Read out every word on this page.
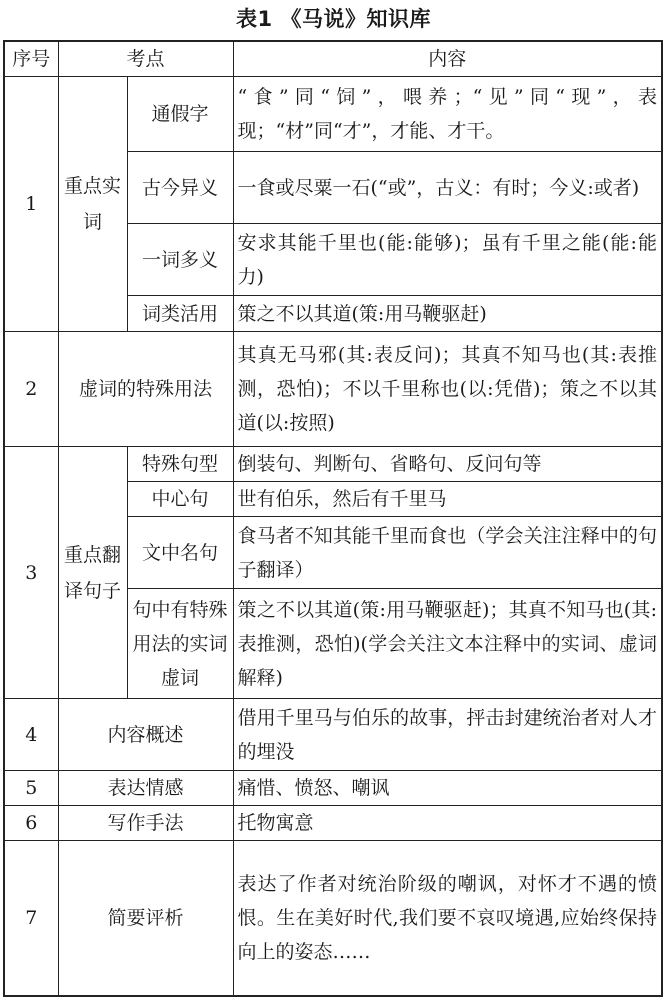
表1 《马说》知识库
序号	考点		内容
1	重点实词	通假字	“食”同“饲”，喂养；“见”同“现”，表现；“材”同“才”，才能、才干。
		古今异义	一食或尽粟一石(“或”，古义：有时；今义:或者)
		一词多义	安求其能千里也(能:能够)；虽有千里之能(能:能力)
		词类活用	策之不以其道(策:用马鞭驱赶)
2	虚词的特殊用法		其真无马邪(其:表反问)；其真不知马也(其:表推测，恐怕)；不以千里称也(以:凭借)；策之不以其道(以:按照)
3	重点翻译句子	特殊句型	倒装句、判断句、省略句、反问句等
		中心句	世有伯乐，然后有千里马
		文中名句	食马者不知其能千里而食也（学会关注注释中的句子翻译）
		句中有特殊用法的实词虚词	策之不以其道(策:用马鞭驱赶)；其真不知马也(其:表推测，恐怕)(学会关注文本注释中的实词、虚词解释)
4	内容概述		借用千里马与伯乐的故事，抨击封建统治者对人才的埋没
5	表达情感		痛惜、愤怒、嘲讽
6	写作手法		托物寓意
7	简要评析		表达了作者对统治阶级的嘲讽，对怀才不遇的愤恨。生在美好时代,我们要不哀叹境遇,应始终保持向上的姿态……
